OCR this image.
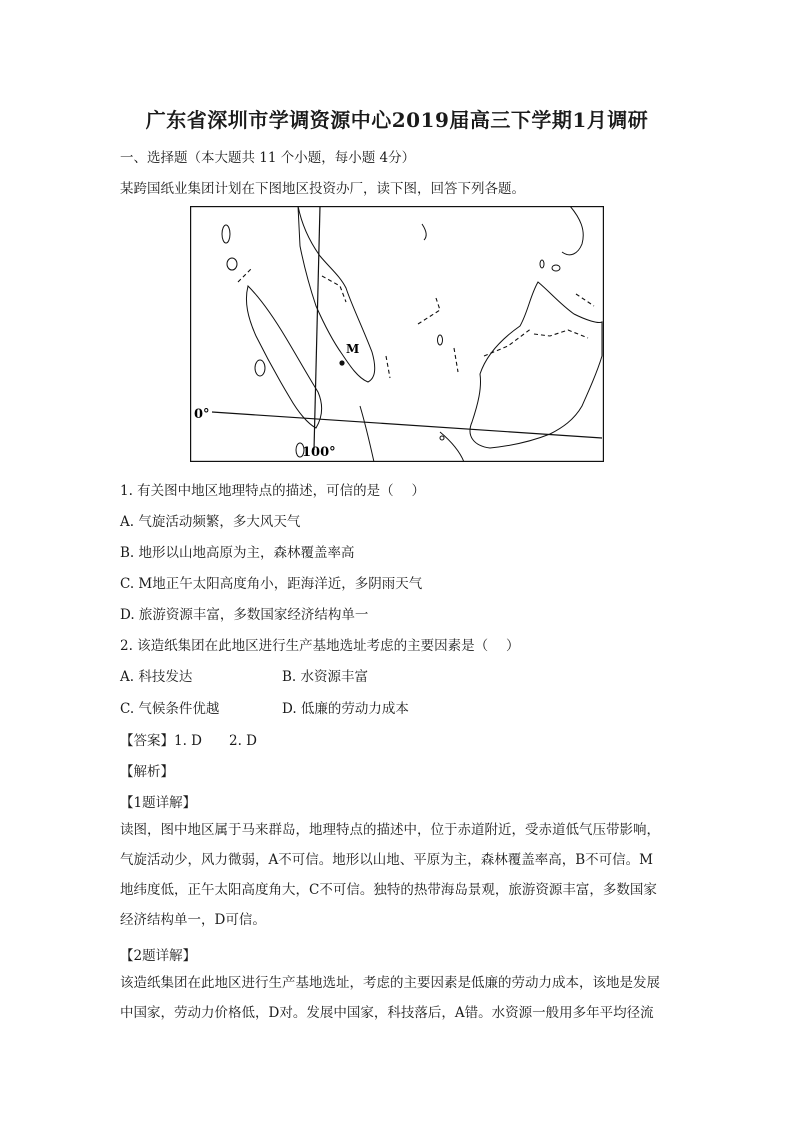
广东省深圳市学调资源中心2019届高三下学期1月调研
一、选择题（本大题共 11 个小题，每小题 4分）
某跨国纸业集团计划在下图地区投资办厂，读下图，回答下列各题。
M
0°
100°
1. 有关图中地区地理特点的描述，可信的是（　 ）
A. 气旋活动频繁，多大风天气
B. 地形以山地高原为主，森林覆盖率高
C. M地正午太阳高度角小，距海洋近，多阴雨天气
D. 旅游资源丰富，多数国家经济结构单一
2. 该造纸集团在此地区进行生产基地选址考虑的主要因素是（　 ）
A. 科技发达	B. 水资源丰富
C. 气候条件优越	D. 低廉的劳动力成本
【答案】1. D　　2. D
【解析】
【1题详解】
读图，图中地区属于马来群岛，地理特点的描述中，位于赤道附近，受赤道低气压带影响，
气旋活动少，风力微弱，A不可信。地形以山地、平原为主，森林覆盖率高，B不可信。M
地纬度低，正午太阳高度角大，C不可信。独特的热带海岛景观，旅游资源丰富，多数国家
经济结构单一，D可信。
【2题详解】
该造纸集团在此地区进行生产基地选址，考虑的主要因素是低廉的劳动力成本，该地是发展
中国家，劳动力价格低，D对。发展中国家，科技落后，A错。水资源一般用多年平均径流
